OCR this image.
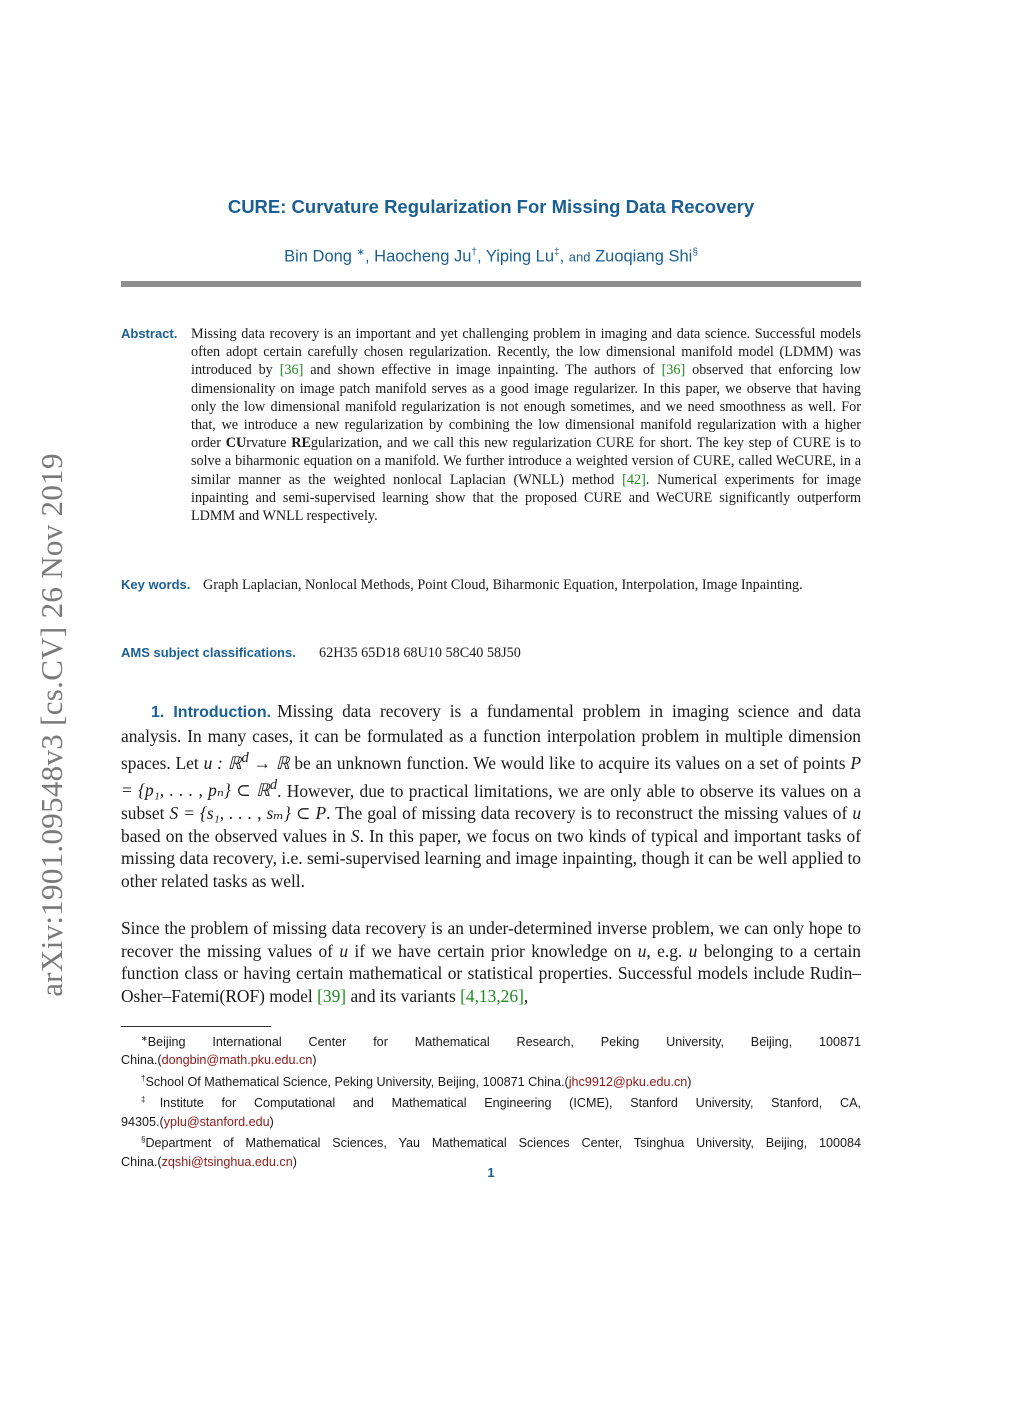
arXiv:1901.09548v3 [cs.CV] 26 Nov 2019
CURE: Curvature Regularization For Missing Data Recovery
Bin Dong ∗, Haocheng Ju†, Yiping Lu‡, and Zuoqiang Shi§
Abstract. Missing data recovery is an important and yet challenging problem in imaging and data science. Successful models often adopt certain carefully chosen regularization. Recently, the low dimensional manifold model (LDMM) was introduced by [36] and shown effective in image inpainting. The authors of [36] observed that enforcing low dimensionality on image patch manifold serves as a good image regularizer. In this paper, we observe that having only the low dimensional manifold regularization is not enough sometimes, and we need smoothness as well. For that, we introduce a new regularization by combining the low dimensional manifold regularization with a higher order CUrvature REgularization, and we call this new regularization CURE for short. The key step of CURE is to solve a biharmonic equation on a manifold. We further introduce a weighted version of CURE, called WeCURE, in a similar manner as the weighted nonlocal Laplacian (WNLL) method [42]. Numerical experiments for image inpainting and semi-supervised learning show that the proposed CURE and WeCURE significantly outperform LDMM and WNLL respectively.
Key words. Graph Laplacian, Nonlocal Methods, Point Cloud, Biharmonic Equation, Interpolation, Image Inpainting.
AMS subject classifications. 62H35 65D18 68U10 58C40 58J50
1. Introduction. Missing data recovery is a fundamental problem in imaging science and data analysis. In many cases, it can be formulated as a function interpolation problem in multiple dimension spaces. Let u : ℝ$^d$ → ℝ be an unknown function. We would like to acquire its values on a set of points P = {p₁, . . . , pₙ} ⊂ ℝ$^d$. However, due to practical limitations, we are only able to observe its values on a subset S = {s₁, . . . , sₘ} ⊂ P. The goal of missing data recovery is to reconstruct the missing values of u based on the observed values in S. In this paper, we focus on two kinds of typical and important tasks of missing data recovery, i.e. semi-supervised learning and image inpainting, though it can be well applied to other related tasks as well.
Since the problem of missing data recovery is an under-determined inverse problem, we can only hope to recover the missing values of u if we have certain prior knowledge on u, e.g. u belonging to a certain function class or having certain mathematical or statistical properties. Successful models include Rudin–Osher–Fatemi(ROF) model [39] and its variants [4,13,26],
∗Beijing International Center for Mathematical Research, Peking University, Beijing, 100871
China.(dongbin@math.pku.edu.cn)
†School Of Mathematical Science, Peking University, Beijing, 100871 China.(jhc9912@pku.edu.cn)
‡Institute for Computational and Mathematical Engineering (ICME), Stanford University, Stanford, CA,
94305.(yplu@stanford.edu)
§Department of Mathematical Sciences, Yau Mathematical Sciences Center, Tsinghua University, Beijing, 100084
China.(zqshi@tsinghua.edu.cn)
1
